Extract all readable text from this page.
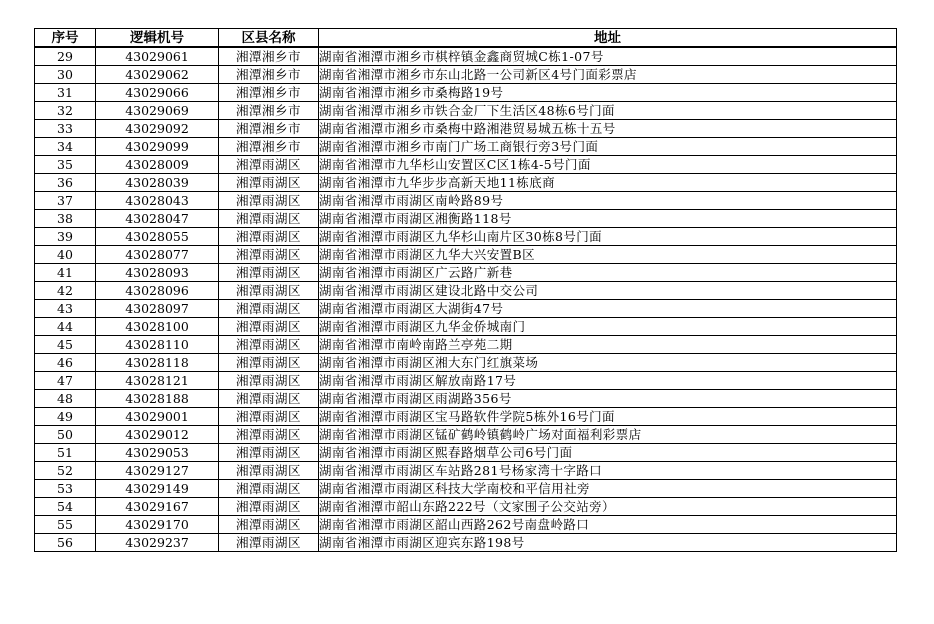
序号	逻辑机号	区县名称	地址
29	43029061	湘潭湘乡市	湖南省湘潭市湘乡市棋梓镇金鑫商贸城C栋1-07号
30	43029062	湘潭湘乡市	湖南省湘潭市湘乡市东山北路一公司新区4号门面彩票店
31	43029066	湘潭湘乡市	湖南省湘潭市湘乡市桑梅路19号
32	43029069	湘潭湘乡市	湖南省湘潭市湘乡市铁合金厂下生活区48栋6号门面
33	43029092	湘潭湘乡市	湖南省湘潭市湘乡市桑梅中路湘港贸易城五栋十五号
34	43029099	湘潭湘乡市	湖南省湘潭市湘乡市南门广场工商银行旁3号门面
35	43028009	湘潭雨湖区	湖南省湘潭市九华杉山安置区C区1栋4-5号门面
36	43028039	湘潭雨湖区	湖南省湘潭市九华步步高新天地11栋底商
37	43028043	湘潭雨湖区	湖南省湘潭市雨湖区南岭路89号
38	43028047	湘潭雨湖区	湖南省湘潭市雨湖区湘衡路118号
39	43028055	湘潭雨湖区	湖南省湘潭市雨湖区九华杉山南片区30栋8号门面
40	43028077	湘潭雨湖区	湖南省湘潭市雨湖区九华大兴安置B区
41	43028093	湘潭雨湖区	湖南省湘潭市雨湖区广云路广新巷
42	43028096	湘潭雨湖区	湖南省湘潭市雨湖区建设北路中交公司
43	43028097	湘潭雨湖区	湖南省湘潭市雨湖区大湖街47号
44	43028100	湘潭雨湖区	湖南省湘潭市雨湖区九华金侨城南门
45	43028110	湘潭雨湖区	湖南省湘潭市南岭南路兰亭苑二期
46	43028118	湘潭雨湖区	湖南省湘潭市雨湖区湘大东门红旗菜场
47	43028121	湘潭雨湖区	湖南省湘潭市雨湖区解放南路17号
48	43028188	湘潭雨湖区	湖南省湘潭市雨湖区雨湖路356号
49	43029001	湘潭雨湖区	湖南省湘潭市雨湖区宝马路软件学院5栋外16号门面
50	43029012	湘潭雨湖区	湖南省湘潭市雨湖区锰矿鹤岭镇鹤岭广场对面福利彩票店
51	43029053	湘潭雨湖区	湖南省湘潭市雨湖区熙春路烟草公司6号门面
52	43029127	湘潭雨湖区	湖南省湘潭市雨湖区车站路281号杨家湾十字路口
53	43029149	湘潭雨湖区	湖南省湘潭市雨湖区科技大学南校和平信用社旁
54	43029167	湘潭雨湖区	湖南省湘潭市韶山东路222号（文家围子公交站旁）
55	43029170	湘潭雨湖区	湖南省湘潭市雨湖区韶山西路262号南盘岭路口
56	43029237	湘潭雨湖区	湖南省湘潭市雨湖区迎宾东路198号
